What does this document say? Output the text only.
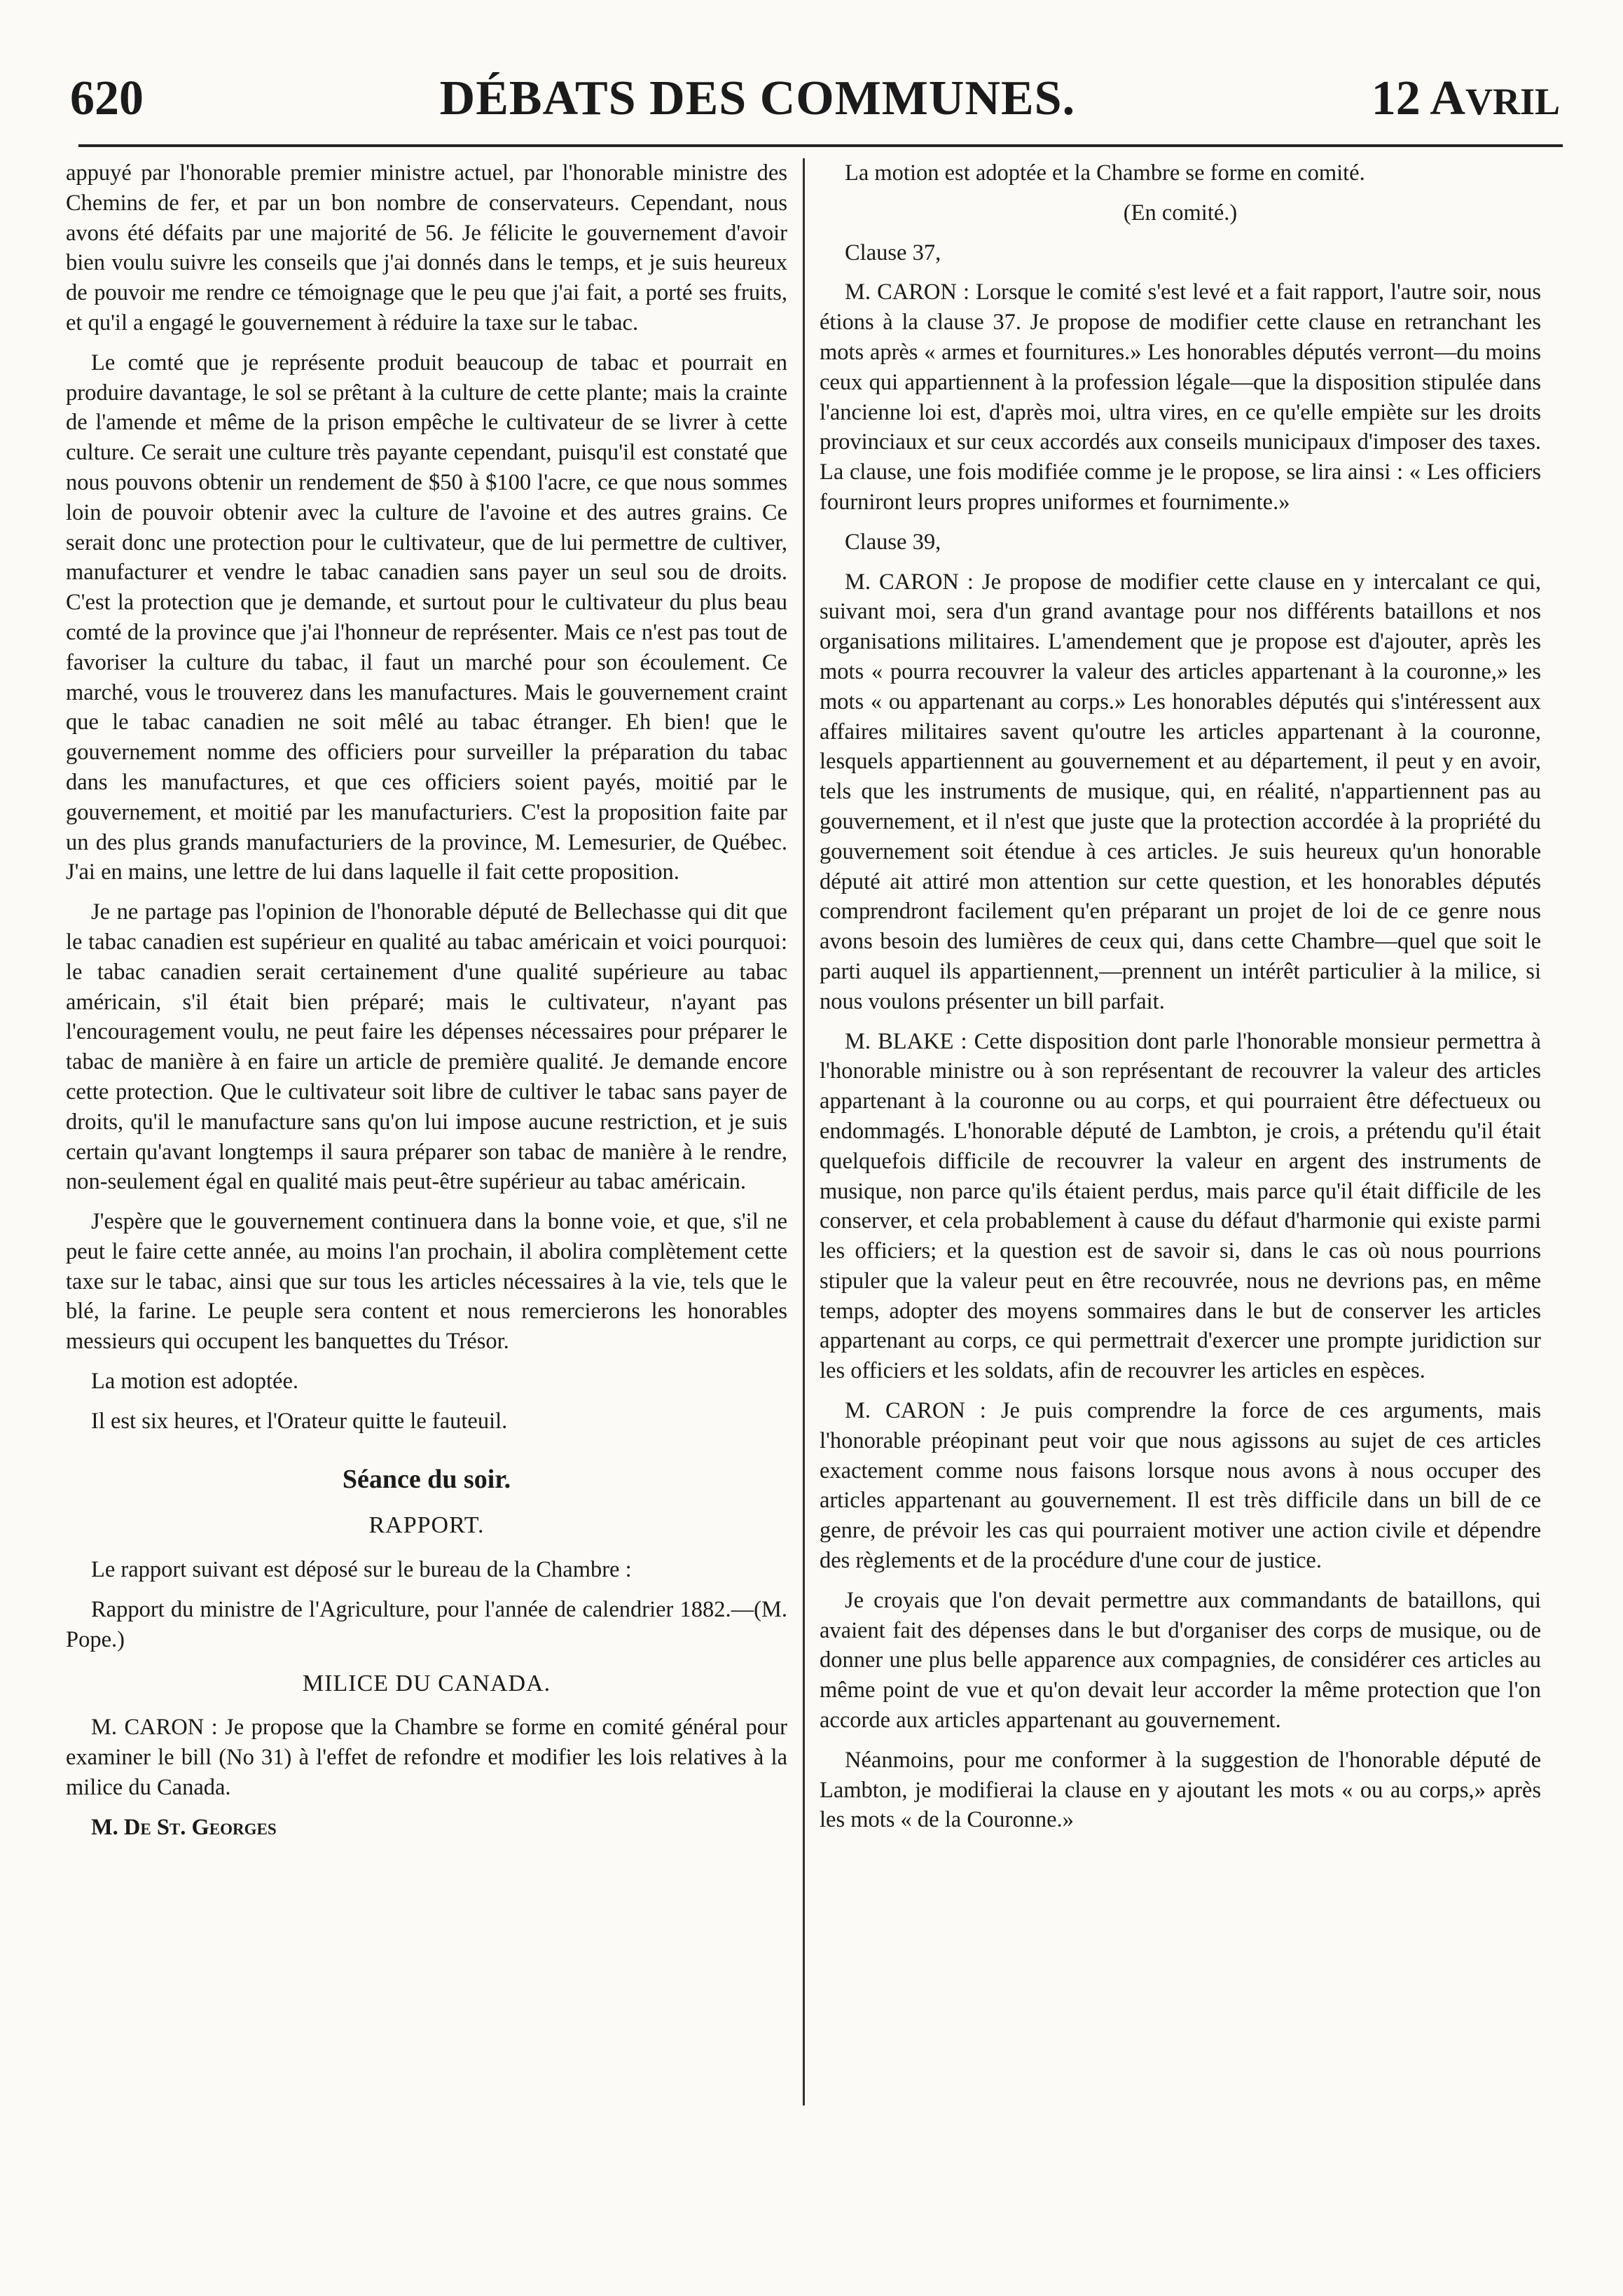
620	DÉBATS DES COMMUNES.	12 AVRIL

appuyé par l'honorable premier ministre actuel, par l'honorable ministre des Chemins de fer, et par un bon nombre de conservateurs. Cependant, nous avons été défaits par une majorité de 56. Je félicite le gouvernement d'avoir bien voulu suivre les conseils que j'ai donnés dans le temps, et je suis heureux de pouvoir me rendre ce témoignage que le peu que j'ai fait, a porté ses fruits, et qu'il a engagé le gouvernement à réduire la taxe sur le tabac.

Le comté que je représente produit beaucoup de tabac et pourrait en produire davantage, le sol se prêtant à la culture de cette plante; mais la crainte de l'amende et même de la prison empêche le cultivateur de se livrer à cette culture. Ce serait une culture très payante cependant, puisqu'il est constaté que nous pouvons obtenir un rendement de $50 à $100 l'acre, ce que nous sommes loin de pouvoir obtenir avec la culture de l'avoine et des autres grains. Ce serait donc une protection pour le cultivateur, que de lui permettre de cultiver, manufacturer et vendre le tabac canadien sans payer un seul sou de droits. C'est la protection que je demande, et surtout pour le cultivateur du plus beau comté de la province que j'ai l'honneur de représenter. Mais ce n'est pas tout de favoriser la culture du tabac, il faut un marché pour son écoulement. Ce marché, vous le trouverez dans les manufactures. Mais le gouvernement craint que le tabac canadien ne soit mêlé au tabac étranger. Eh bien! que le gouvernement nomme des officiers pour surveiller la préparation du tabac dans les manufactures, et que ces officiers soient payés, moitié par le gouvernement, et moitié par les manufacturiers. C'est la proposition faite par un des plus grands manufacturiers de la province, M. Lemesurier, de Québec. J'ai en mains, une lettre de lui dans laquelle il fait cette proposition.

Je ne partage pas l'opinion de l'honorable député de Bellechasse qui dit que le tabac canadien est supérieur en qualité au tabac américain et voici pourquoi: le tabac canadien serait certainement d'une qualité supérieure au tabac américain, s'il était bien préparé; mais le cultivateur, n'ayant pas l'encouragement voulu, ne peut faire les dépenses nécessaires pour préparer le tabac de manière à en faire un article de première qualité. Je demande encore cette protection. Que le cultivateur soit libre de cultiver le tabac sans payer de droits, qu'il le manufacture sans qu'on lui impose aucune restriction, et je suis certain qu'avant longtemps il saura préparer son tabac de manière à le rendre, non-seulement égal en qualité mais peut-être supérieur au tabac américain.

J'espère que le gouvernement continuera dans la bonne voie, et que, s'il ne peut le faire cette année, au moins l'an prochain, il abolira complètement cette taxe sur le tabac, ainsi que sur tous les articles nécessaires à la vie, tels que le blé, la farine. Le peuple sera content et nous remercierons les honorables messieurs qui occupent les banquettes du Trésor.

La motion est adoptée.

Il est six heures, et l'Orateur quitte le fauteuil.

Séance du soir.
RAPPORT.

Le rapport suivant est déposé sur le bureau de la Chambre :

Rapport du ministre de l'Agriculture, pour l'année de calendrier 1882.—(M. Pope.)

MILICE DU CANADA.

M. CARON : Je propose que la Chambre se forme en comité général pour examiner le bill (No 31) à l'effet de refondre et modifier les lois relatives à la milice du Canada.

M. De St. Georges

La motion est adoptée et la Chambre se forme en comité.

(En comité.)

Clause 37,

M. CARON : Lorsque le comité s'est levé et a fait rapport, l'autre soir, nous étions à la clause 37. Je propose de modifier cette clause en retranchant les mots après « armes et fournitures.» Les honorables députés verront—du moins ceux qui appartiennent à la profession légale—que la disposition stipulée dans l'ancienne loi est, d'après moi, ultra vires, en ce qu'elle empiète sur les droits provinciaux et sur ceux accordés aux conseils municipaux d'imposer des taxes. La clause, une fois modifiée comme je le propose, se lira ainsi : « Les officiers fourniront leurs propres uniformes et fournimente.»

Clause 39,

M. CARON : Je propose de modifier cette clause en y intercalant ce qui, suivant moi, sera d'un grand avantage pour nos différents bataillons et nos organisations militaires. L'amendement que je propose est d'ajouter, après les mots « pourra recouvrer la valeur des articles appartenant à la couronne,» les mots « ou appartenant au corps.» Les honorables députés qui s'intéressent aux affaires militaires savent qu'outre les articles appartenant à la couronne, lesquels appartiennent au gouvernement et au département, il peut y en avoir, tels que les instruments de musique, qui, en réalité, n'appartiennent pas au gouvernement, et il n'est que juste que la protection accordée à la propriété du gouvernement soit étendue à ces articles. Je suis heureux qu'un honorable député ait attiré mon attention sur cette question, et les honorables députés comprendront facilement qu'en préparant un projet de loi de ce genre nous avons besoin des lumières de ceux qui, dans cette Chambre—quel que soit le parti auquel ils appartiennent,—prennent un intérêt particulier à la milice, si nous voulons présenter un bill parfait.

M. BLAKE : Cette disposition dont parle l'honorable monsieur permettra à l'honorable ministre ou à son représentant de recouvrer la valeur des articles appartenant à la couronne ou au corps, et qui pourraient être défectueux ou endommagés. L'honorable député de Lambton, je crois, a prétendu qu'il était quelquefois difficile de recouvrer la valeur en argent des instruments de musique, non parce qu'ils étaient perdus, mais parce qu'il était difficile de les conserver, et cela probablement à cause du défaut d'harmonie qui existe parmi les officiers; et la question est de savoir si, dans le cas où nous pourrions stipuler que la valeur peut en être recouvrée, nous ne devrions pas, en même temps, adopter des moyens sommaires dans le but de conserver les articles appartenant au corps, ce qui permettrait d'exercer une prompte juridiction sur les officiers et les soldats, afin de recouvrer les articles en espèces.

M. CARON : Je puis comprendre la force de ces arguments, mais l'honorable préopinant peut voir que nous agissons au sujet de ces articles exactement comme nous faisons lorsque nous avons à nous occuper des articles appartenant au gouvernement. Il est très difficile dans un bill de ce genre, de prévoir les cas qui pourraient motiver une action civile et dépendre des règlements et de la procédure d'une cour de justice.

Je croyais que l'on devait permettre aux commandants de bataillons, qui avaient fait des dépenses dans le but d'organiser des corps de musique, ou de donner une plus belle apparence aux compagnies, de considérer ces articles au même point de vue et qu'on devait leur accorder la même protection que l'on accorde aux articles appartenant au gouvernement.

Néanmoins, pour me conformer à la suggestion de l'honorable député de Lambton, je modifierai la clause en y ajoutant les mots « ou au corps,» après les mots « de la Couronne.»
